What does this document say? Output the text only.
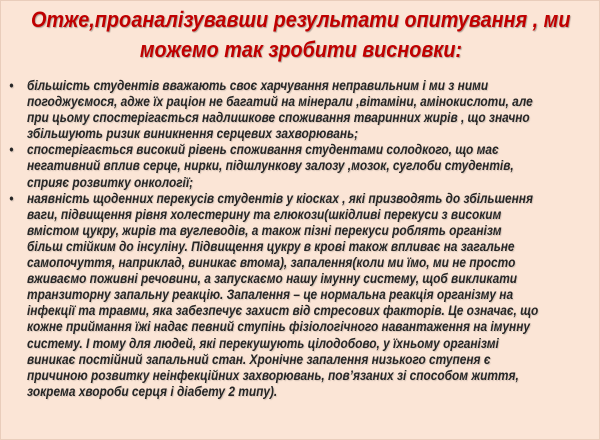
Отже,проаналізувавши результати опитування , ми
можемо так зробити висновки:
• більшість студентів вважають своє харчування неправильним і ми з ними
погоджуємося, адже їх раціон не багатий на мінерали ,вітаміни, амінокислоти, але
при цьому спостерігається надлишкове споживання тваринних жирів , що значно
збільшують ризик виникнення серцевих захворювань;
• спостерігається високий рівень споживання студентами солодкого, що має
негативний вплив серце, нирки, підшлункову залозу ,мозок, суглоби студентів,
сприяє розвитку онкології;
• наявність щоденних перекусів студентів у кіосках , які призводять до збільшення
ваги, підвищення рівня холестерину та глюкози(шкідливі перекуси з високим
вмістом цукру, жирів та вуглеводів, а також пізні перекуси роблять організм
більш стійким до інсуліну. Підвищення цукру в крові також впливає на загальне
самопочуття, наприклад, виникає втома), запалення(коли ми їмо, ми не просто
вживаємо поживні речовини, а запускаємо нашу імунну систему, щоб викликати
транзиторну запальну реакцію. Запалення – це нормальна реакція організму на
інфекції та травми, яка забезпечує захист від стресових факторів. Це означає, що
кожне приймання їжі надає певний ступінь фізіологічного навантаження на імунну
систему. І тому для людей, які перекушують цілодобово, у їхньому організмі
виникає постійний запальний стан. Хронічне запалення низького ступеня є
причиною розвитку неінфекційних захворювань, пов’язаних зі способом життя,
зокрема хвороби серця і діабету 2 типу).
